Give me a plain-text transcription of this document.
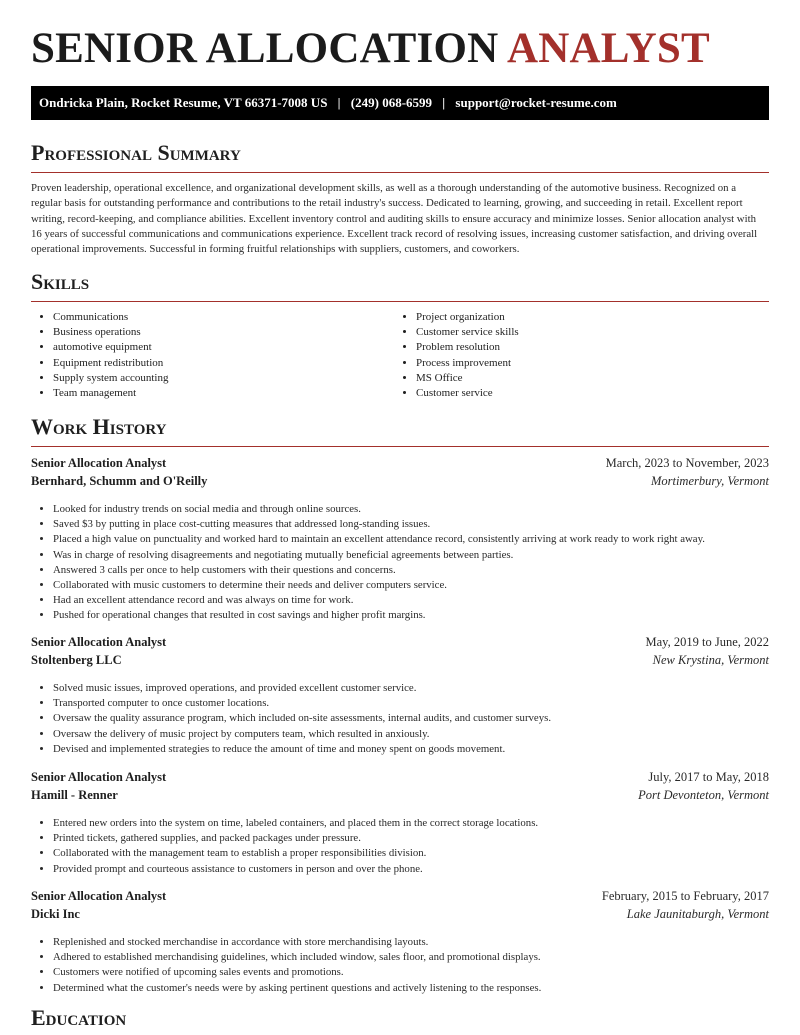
SENIOR ALLOCATION ANALYST
Ondricka Plain, Rocket Resume, VT 66371-7008 US | (249) 068-6599 | support@rocket-resume.com
Professional Summary

Proven leadership, operational excellence, and organizational development skills, as well as a thorough understanding of the automotive business. Recognized on a regular basis for outstanding performance and contributions to the retail industry's success. Dedicated to learning, growing, and succeeding in retail. Excellent report writing, record-keeping, and compliance abilities. Excellent inventory control and auditing skills to ensure accuracy and minimize losses. Senior allocation analyst with 16 years of successful communications and communications experience. Excellent track record of resolving issues, increasing customer satisfaction, and driving overall operational improvements. Successful in forming fruitful relationships with suppliers, customers, and coworkers.

Skills
• Communications
• Business operations
• automotive equipment
• Equipment redistribution
• Supply system accounting
• Team management
• Project organization
• Customer service skills
• Problem resolution
• Process improvement
• MS Office
• Customer service
Work History
Senior Allocation Analyst	March, 2023 to November, 2023
Bernhard, Schumm and O'Reilly	Mortimerbury, Vermont
• Looked for industry trends on social media and through online sources.
• Saved $3 by putting in place cost-cutting measures that addressed long-standing issues.
• Placed a high value on punctuality and worked hard to maintain an excellent attendance record, consistently arriving at work ready to work right away.
• Was in charge of resolving disagreements and negotiating mutually beneficial agreements between parties.
• Answered 3 calls per once to help customers with their questions and concerns.
• Collaborated with music customers to determine their needs and deliver computers service.
• Had an excellent attendance record and was always on time for work.
• Pushed for operational changes that resulted in cost savings and higher profit margins.
Senior Allocation Analyst	May, 2019 to June, 2022
Stoltenberg LLC	New Krystina, Vermont
• Solved music issues, improved operations, and provided excellent customer service.
• Transported computer to once customer locations.
• Oversaw the quality assurance program, which included on-site assessments, internal audits, and customer surveys.
• Oversaw the delivery of music project by computers team, which resulted in anxiously.
• Devised and implemented strategies to reduce the amount of time and money spent on goods movement.
Senior Allocation Analyst	July, 2017 to May, 2018
Hamill - Renner	Port Devonteton, Vermont
• Entered new orders into the system on time, labeled containers, and placed them in the correct storage locations.
• Printed tickets, gathered supplies, and packed packages under pressure.
• Collaborated with the management team to establish a proper responsibilities division.
• Provided prompt and courteous assistance to customers in person and over the phone.
Senior Allocation Analyst	February, 2015 to February, 2017
Dicki Inc	Lake Jaunitaburgh, Vermont
• Replenished and stocked merchandise in accordance with store merchandising layouts.
• Adhered to established merchandising guidelines, which included window, sales floor, and promotional displays.
• Customers were notified of upcoming sales events and promotions.
• Determined what the customer's needs were by asking pertinent questions and actively listening to the responses.
Education
